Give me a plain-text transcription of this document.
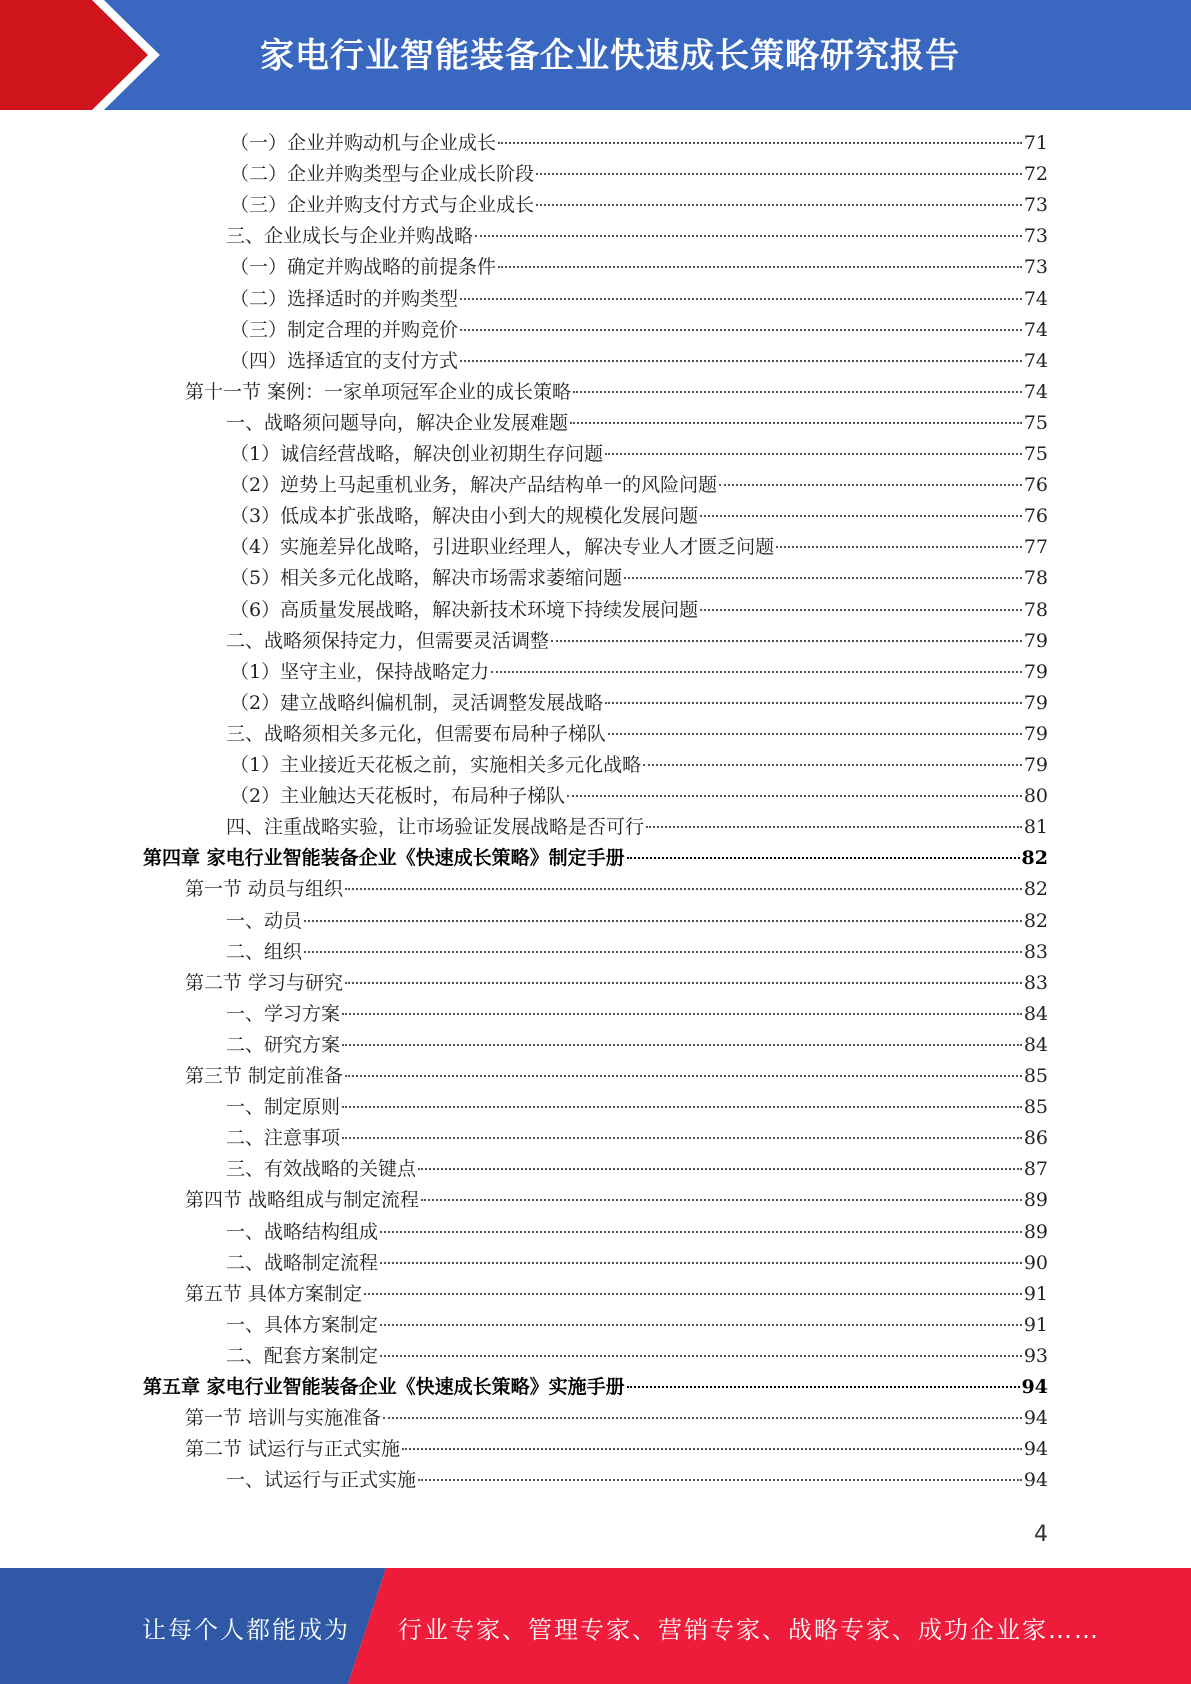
家电行业智能装备企业快速成长策略研究报告
（一）企业并购动机与企业成长	71
（二）企业并购类型与企业成长阶段	72
（三）企业并购支付方式与企业成长	73
三、企业成长与企业并购战略	73
（一）确定并购战略的前提条件	73
（二）选择适时的并购类型	74
（三）制定合理的并购竞价	74
（四）选择适宜的支付方式	74
第十一节 案例：一家单项冠军企业的成长策略	74
一、战略须问题导向，解决企业发展难题	75
（1）诚信经营战略，解决创业初期生存问题	75
（2）逆势上马起重机业务，解决产品结构单一的风险问题	76
（3）低成本扩张战略，解决由小到大的规模化发展问题	76
（4）实施差异化战略，引进职业经理人，解决专业人才匮乏问题	77
（5）相关多元化战略，解决市场需求萎缩问题	78
（6）高质量发展战略，解决新技术环境下持续发展问题	78
二、战略须保持定力，但需要灵活调整	79
（1）坚守主业，保持战略定力	79
（2）建立战略纠偏机制，灵活调整发展战略	79
三、战略须相关多元化，但需要布局种子梯队	79
（1）主业接近天花板之前，实施相关多元化战略	79
（2）主业触达天花板时，布局种子梯队	80
四、注重战略实验，让市场验证发展战略是否可行	81
第四章 家电行业智能装备企业《快速成长策略》制定手册	82
第一节 动员与组织	82
一、动员	82
二、组织	83
第二节 学习与研究	83
一、学习方案	84
二、研究方案	84
第三节 制定前准备	85
一、制定原则	85
二、注意事项	86
三、有效战略的关键点	87
第四节 战略组成与制定流程	89
一、战略结构组成	89
二、战略制定流程	90
第五节 具体方案制定	91
一、具体方案制定	91
二、配套方案制定	93
第五章 家电行业智能装备企业《快速成长策略》实施手册	94
第一节 培训与实施准备	94
第二节 试运行与正式实施	94
一、试运行与正式实施	94
4
让每个人都能成为 行业专家、管理专家、营销专家、战略专家、成功企业家……
